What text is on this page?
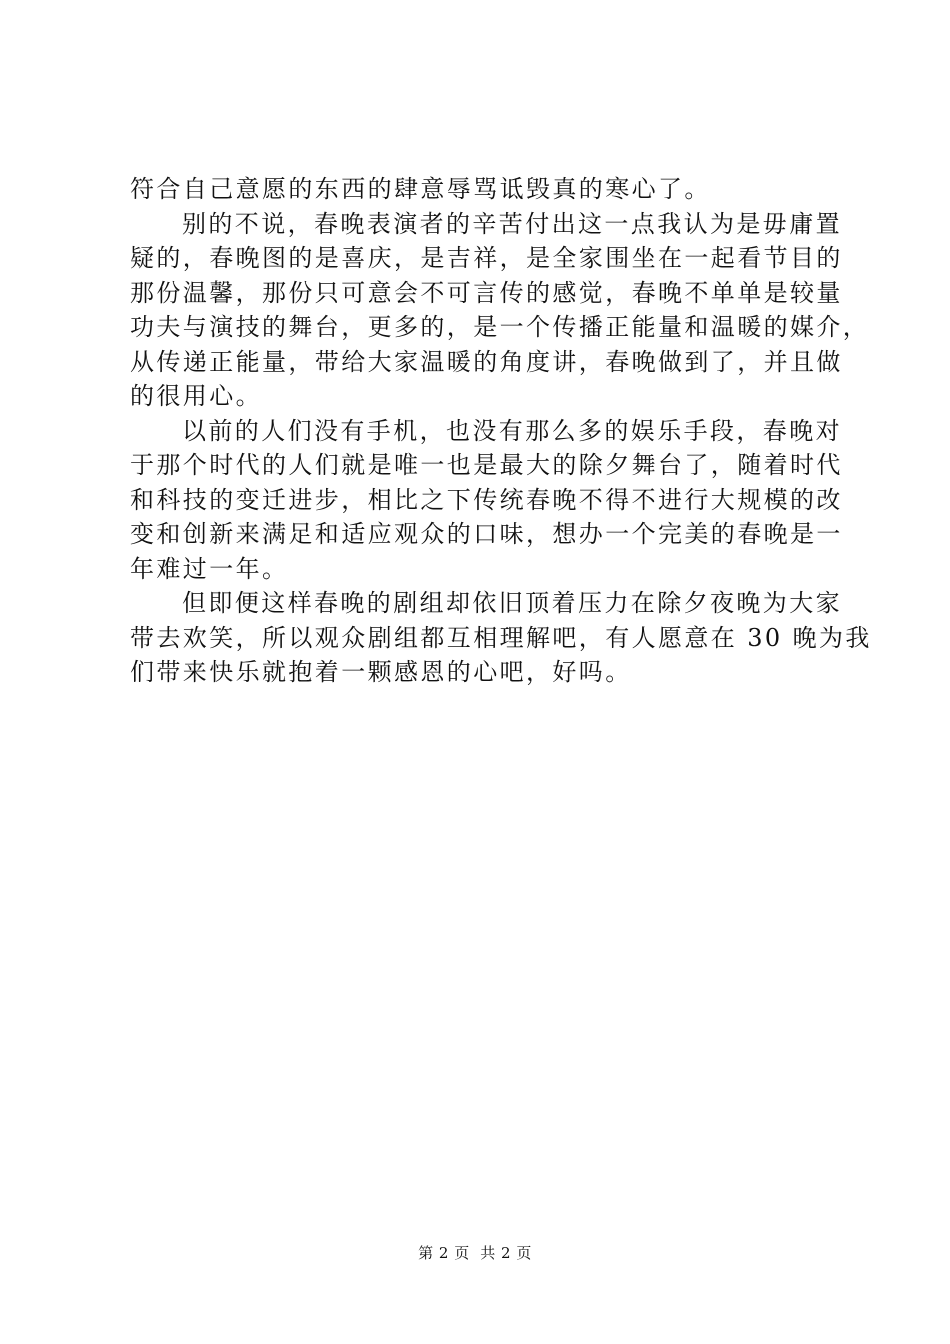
符合自己意愿的东西的肆意辱骂诋毁真的寒心了。
别的不说，春晚表演者的辛苦付出这一点我认为是毋庸置
疑的，春晚图的是喜庆，是吉祥，是全家围坐在一起看节目的
那份温馨，那份只可意会不可言传的感觉，春晚不单单是较量
功夫与演技的舞台，更多的，是一个传播正能量和温暖的媒介，
从传递正能量，带给大家温暖的角度讲，春晚做到了，并且做
的很用心。
以前的人们没有手机，也没有那么多的娱乐手段，春晚对
于那个时代的人们就是唯一也是最大的除夕舞台了，随着时代
和科技的变迁进步，相比之下传统春晚不得不进行大规模的改
变和创新来满足和适应观众的口味，想办一个完美的春晚是一
年难过一年。
但即便这样春晚的剧组却依旧顶着压力在除夕夜晚为大家
带去欢笑，所以观众剧组都互相理解吧，有人愿意在 30 晚为我
们带来快乐就抱着一颗感恩的心吧，好吗。
第 2 页  共 2 页
